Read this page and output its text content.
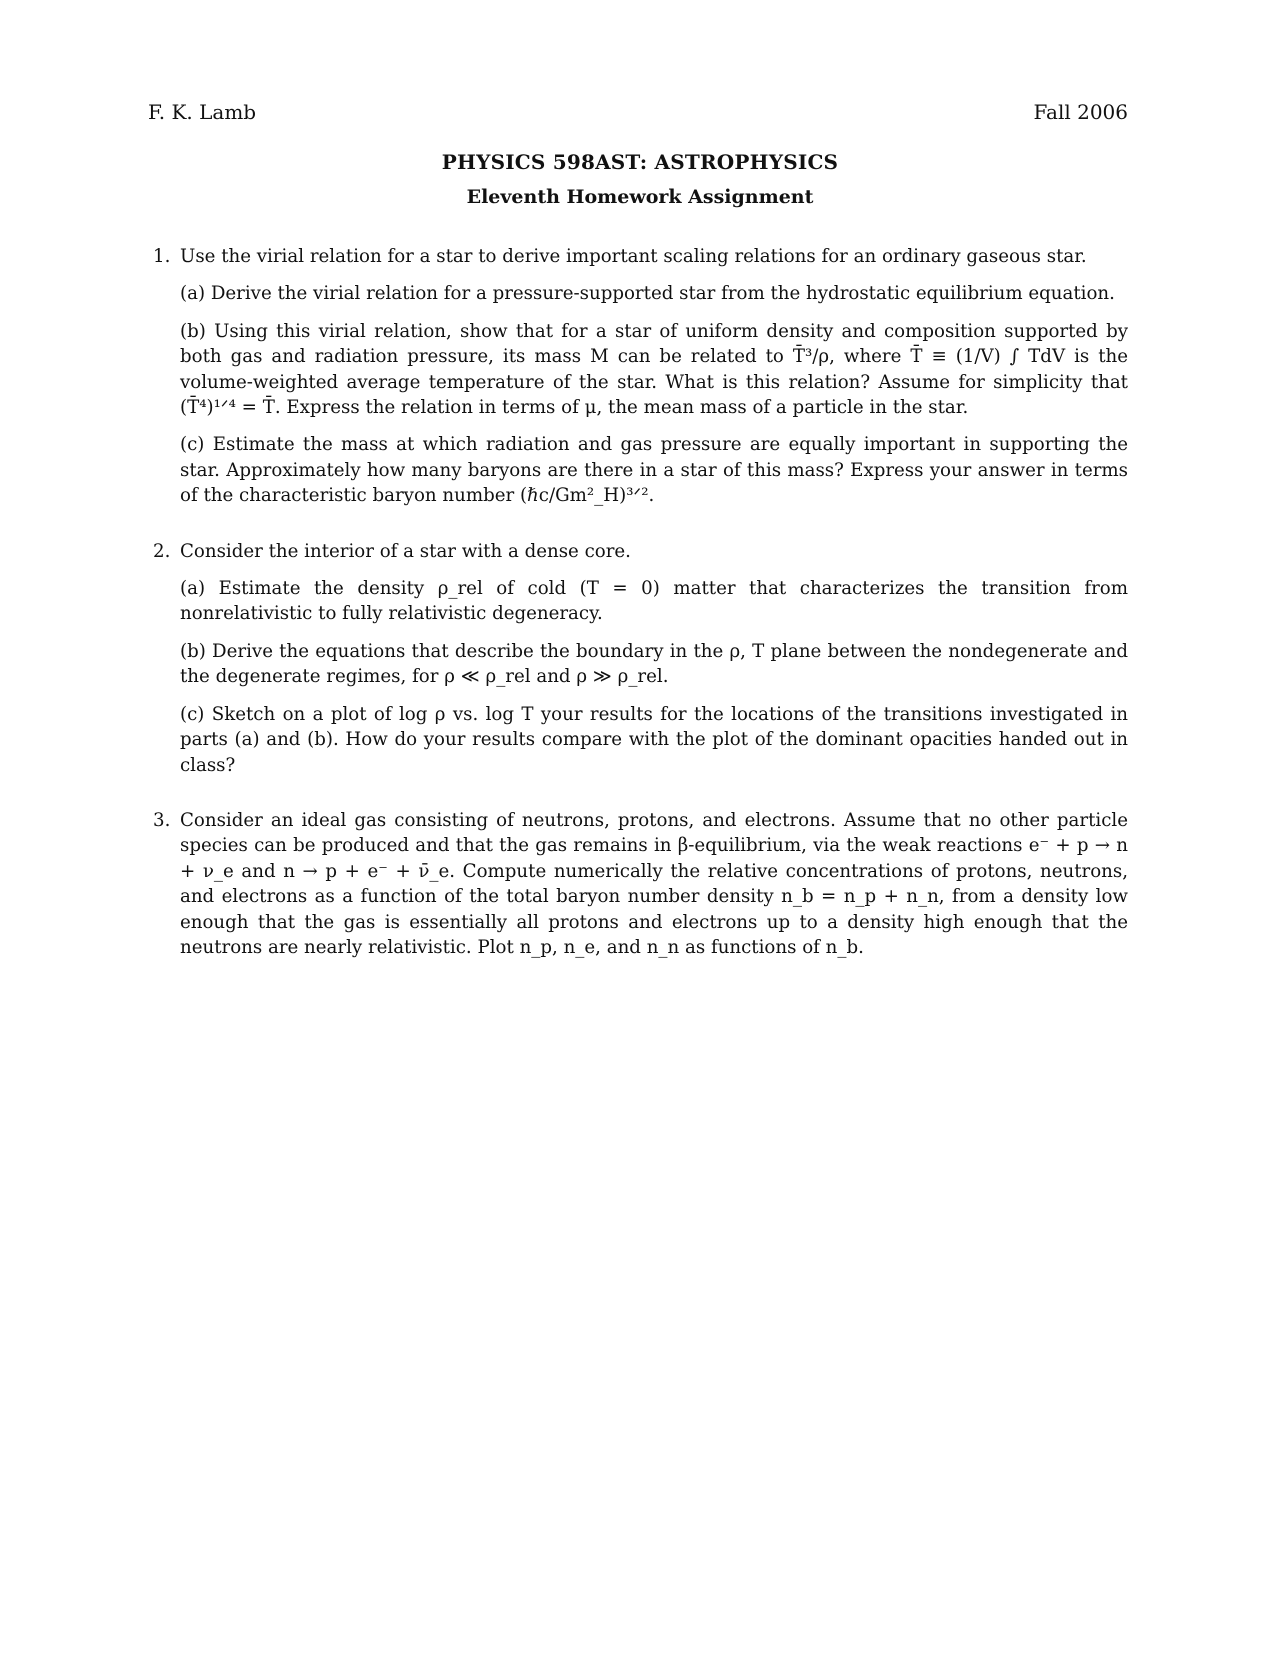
F. K. Lamb	Fall 2006
PHYSICS 598AST: ASTROPHYSICS
Eleventh Homework Assignment
1. Use the virial relation for a star to derive important scaling relations for an ordinary gaseous star.
(a) Derive the virial relation for a pressure-supported star from the hydrostatic equilibrium equation.
(b) Using this virial relation, show that for a star of uniform density and composition supported by both gas and radiation pressure, its mass M can be related to T̄³/ρ, where T̄ ≡ (1/V) ∫ TdV is the volume-weighted average temperature of the star. What is this relation? Assume for simplicity that (T̄⁴)¹ᐟ⁴ = T̄. Express the relation in terms of μ, the mean mass of a particle in the star.
(c) Estimate the mass at which radiation and gas pressure are equally important in supporting the star. Approximately how many baryons are there in a star of this mass? Express your answer in terms of the characteristic baryon number (ℏc/Gm²_H)³ᐟ².
2. Consider the interior of a star with a dense core.
(a) Estimate the density ρ_rel of cold (T = 0) matter that characterizes the transition from nonrelativistic to fully relativistic degeneracy.
(b) Derive the equations that describe the boundary in the ρ, T plane between the nondegenerate and the degenerate regimes, for ρ ≪ ρ_rel and ρ ≫ ρ_rel.
(c) Sketch on a plot of log ρ vs. log T your results for the locations of the transitions investigated in parts (a) and (b). How do your results compare with the plot of the dominant opacities handed out in class?
3. Consider an ideal gas consisting of neutrons, protons, and electrons. Assume that no other particle species can be produced and that the gas remains in β-equilibrium, via the weak reactions e⁻ + p → n + ν_e and n → p + e⁻ + ν̄_e. Compute numerically the relative concentrations of protons, neutrons, and electrons as a function of the total baryon number density n_b = n_p + n_n, from a density low enough that the gas is essentially all protons and electrons up to a density high enough that the neutrons are nearly relativistic. Plot n_p, n_e, and n_n as functions of n_b.
